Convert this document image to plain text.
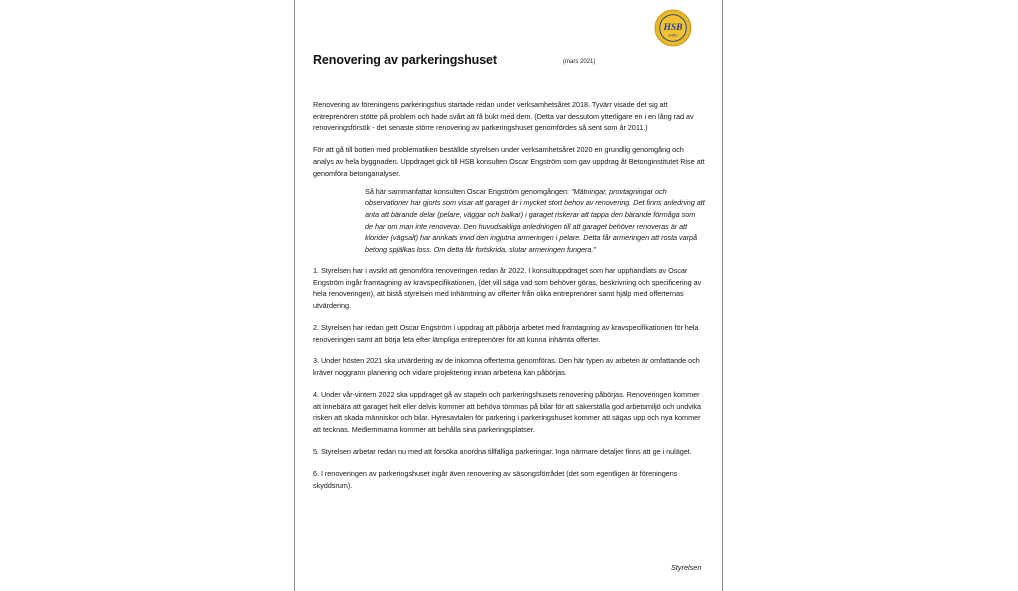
HSB
CHRO
Renovering av parkeringshuset	(mars 2021)

Renovering av föreningens parkeringshus startade redan under verksamhetsåret 2018. Tyvärr visade det sig att entreprenören stötte på problem och hade svårt att få bukt med dem. (Detta var dessutom ytterligare en i en lång rad av renoveringsförsök - det senaste större renovering av parkeringshuset genomfördes så sent som år 2011.)

För att gå till botten med problematiken beställde styrelsen under verksamhetsåret 2020 en grundlig genomgång och analys av hela byggnaden. Uppdraget gick till HSB konsulten Oscar Engström som gav uppdrag åt Betonginstitutet Rise att genomföra betonganalyser.

Så här sammanfattar konsulten Oscar Engström genomgången: "Mätningar, provtagningar och observationer har gjorts som visar att garaget är i mycket stort behov av renovering. Det finns anledning att anta att bärande delar (pelare, väggar och balkar) i garaget riskerar att tappa den bärande förmåga som de har om man inte renoverar. Den huvudsakliga anledningen till att garaget behöver renoveras är att klorider (vägsalt) har anrikats invid den ingjutna armeringen i pelare. Detta får armeringen att rosta varpå betong spjälkas loss. Om detta får fortskrida, slutar armeringen fungera."

1. Styrelsen har i avsikt att genomföra renoveringen redan år 2022. I konsultuppdraget som har upphandlats av Oscar Engström ingår framtagning av kravspecifikationen, (det vill säga vad som behöver göras, beskrivning och specificering av hela renoveringen), att bistå styrelsen med inhämtning av offerter från olika entreprenörer samt hjälp med offerternas utvärdering.

2. Styrelsen har redan gett Oscar Engström i uppdrag att påbörja arbetet med framtagning av kravspecifikationen för hela renoveringen samt att börja leta efter lämpliga entreprenörer för att kunna inhämta offerter.

3. Under hösten 2021 ska utvärdering av de inkomna offerterna genomföras. Den här typen av arbeten är omfattande och kräver noggrann planering och vidare projektering innan arbetena kan påbörjas.

4. Under vår-vintern 2022 ska uppdraget gå av stapeln och parkeringshusets renovering påbörjas. Renoveringen kommer att innebära att garaget helt eller delvis kommer att behöva tömmas på bilar för att säkerställa god arbetsmiljö och undvika risken att skada människor och bilar. Hyresavtalen för parkering i parkeringshuset kommer att sägas upp och nya kommer att tecknas. Medlemmarna kommer att behålla sina parkeringsplatser.

5. Styrelsen arbetar redan nu med att försöka anordna tillfälliga parkeringar. Inga närmare detaljer finns att ge i nuläget.

6. I renoveringen av parkeringshuset ingår även renovering av säsongsförrådet (det som egentligen är föreningens skyddsrum).

Styrelsen
